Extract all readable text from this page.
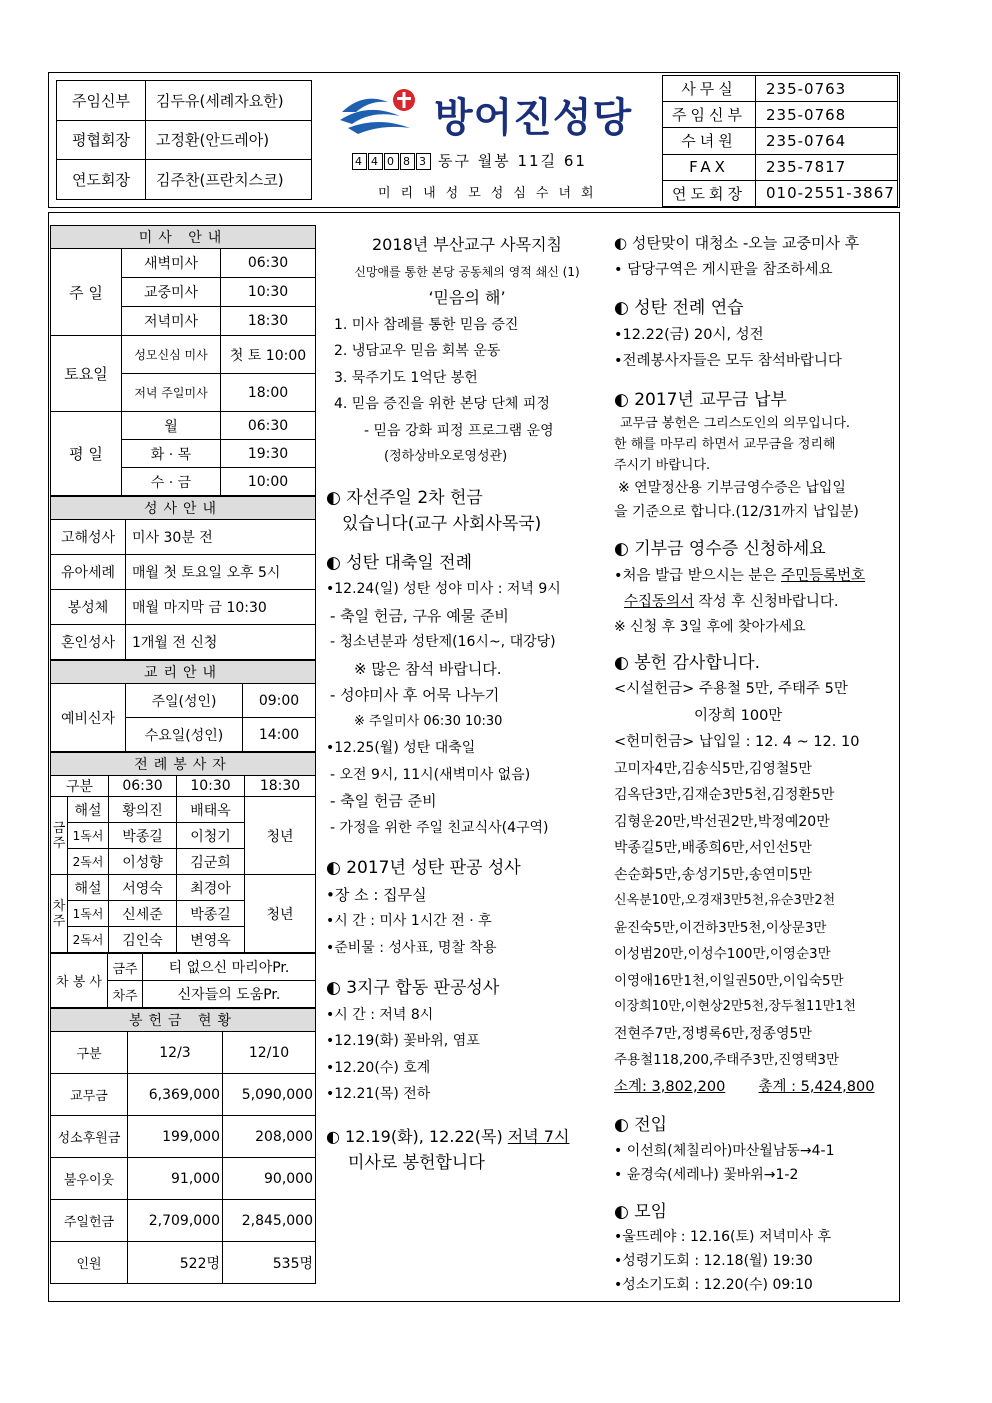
주임신부	김두유(세례자요한)
평협회장	고정환(안드레아)
연도회장	김주찬(프란치스코)
방어진성당
4 4 0 8 3 동구 월봉 11길 61
미리내성모성심수녀회
사무실	235-0763
주임신부	235-0768
수녀원	235-0764
FAX	235-7817
연도회장	010-2551-3867
미사 안내		
주 일	새벽미사	06:30
	교중미사	10:30
	저녁미사	18:30
토요일	성모신심 미사	첫 토 10:00
	저녁 주일미사	18:00
평 일	월	06:30
	화 · 목	19:30
	수 · 금	10:00
성사안내	
고해성사	미사 30분 전
유아세례	매월 첫 토요일 오후 5시
봉성체	매월 마지막 금 10:30
혼인성사	1개월 전 신청
교리안내		
예비신자	주일(성인)	09:00
	수요일(성인)	14:00
전례봉사자				
구분		06:30	10:30	18:30
금주	해설	황의진	배태옥	청년
	1독서	박종길	이청기	
	2독서	이성향	김군희	
차주	해설	서영숙	최경아	청년
	1독서	신세준	박종길	
	2독서	김인숙	변영옥	
차 봉 사	금주	티 없으신 마리아Pr.
	차주	신자들의 도움Pr.
봉헌금 현황		
구분	12/3	12/10
교무금	6,369,000	5,090,000
성소후원금	199,000	208,000
불우이웃	91,000	90,000
주일헌금	2,709,000	2,845,000
인원	522명	535명

2018년 부산교구 사목지침

신망애를 통한 본당 공동체의 영적 쇄신 (1)

‘믿음의 해’

1. 미사 참례를 통한 믿음 증진

2. 냉담교우 믿음 회복 운동

3. 묵주기도 1억단 봉헌

4. 믿음 증진을 위한 본당 단체 피정

- 믿음 강화 피정 프로그램 운영

(정하상바오로영성관)

◐ 자선주일 2차 헌금

있습니다(교구 사회사목국)

◐ 성탄 대축일 전례

•12.24(일) 성탄 성야 미사 : 저녁 9시

- 축일 헌금, 구유 예물 준비

- 청소년분과 성탄제(16시~, 대강당)

※ 많은 참석 바랍니다.

- 성야미사 후 어묵 나누기

※ 주일미사 06:30 10:30

•12.25(월) 성탄 대축일

- 오전 9시, 11시(새벽미사 없음)

- 축일 헌금 준비

- 가정을 위한 주일 친교식사(4구역)

◐ 2017년 성탄 판공 성사

•장 소 : 집무실

•시 간 : 미사 1시간 전 · 후

•준비물 : 성사표, 명찰 착용

◐ 3지구 합동 판공성사

•시 간 : 저녁 8시

•12.19(화) 꽃바위, 염포

•12.20(수) 호계

•12.21(목) 전하

◐ 12.19(화), 12.22(목) 저녁 7시

미사로 봉헌합니다

◐ 성탄맞이 대청소 -오늘 교중미사 후

• 담당구역은 게시판을 참조하세요

◐ 성탄 전례 연습

•12.22(금) 20시, 성전

•전례봉사자들은 모두 참석바랍니다

◐ 2017년 교무금 납부

교무금 봉헌은 그리스도인의 의무입니다.

한 해를 마무리 하면서 교무금을 정리해

주시기 바랍니다.

※ 연말정산용 기부금영수증은 납입일

을 기준으로 합니다.(12/31까지 납입분)

◐ 기부금 영수증 신청하세요

•처음 발급 받으시는 분은 주민등록번호

수집동의서 작성 후 신청바랍니다.

※ 신청 후 3일 후에 찾아가세요

◐ 봉헌 감사합니다.

<시설헌금> 주용철 5만, 주태주 5만

이장희 100만

<헌미헌금> 납입일 : 12. 4 ~ 12. 10

고미자4만,김송식5만,김영철5만

김옥단3만,김재순3만5천,김정환5만

김형운20만,박선권2만,박정예20만

박종길5만,배종희6만,서인선5만

손순화5만,송성기5만,송연미5만

신옥분10만,오경재3만5천,유순3만2천

윤진숙5만,이건하3만5천,이상문3만

이성범20만,이성수100만,이영순3만

이영애16만1천,이일권50만,이입숙5만

이장희10만,이현상2만5천,장두철11만1천

전현주7만,정병록6만,정종영5만

주용철118,200,주태주3만,진영택3만

소계: 3,802,200 총계 : 5,424,800

◐ 전입

• 이선희(체칠리아)마산월남동→4-1

• 윤경숙(세레나) 꽃바위→1-2

◐ 모임

•울뜨레야 : 12.16(토) 저녁미사 후

•성령기도회 : 12.18(월) 19:30

•성소기도회 : 12.20(수) 09:10
